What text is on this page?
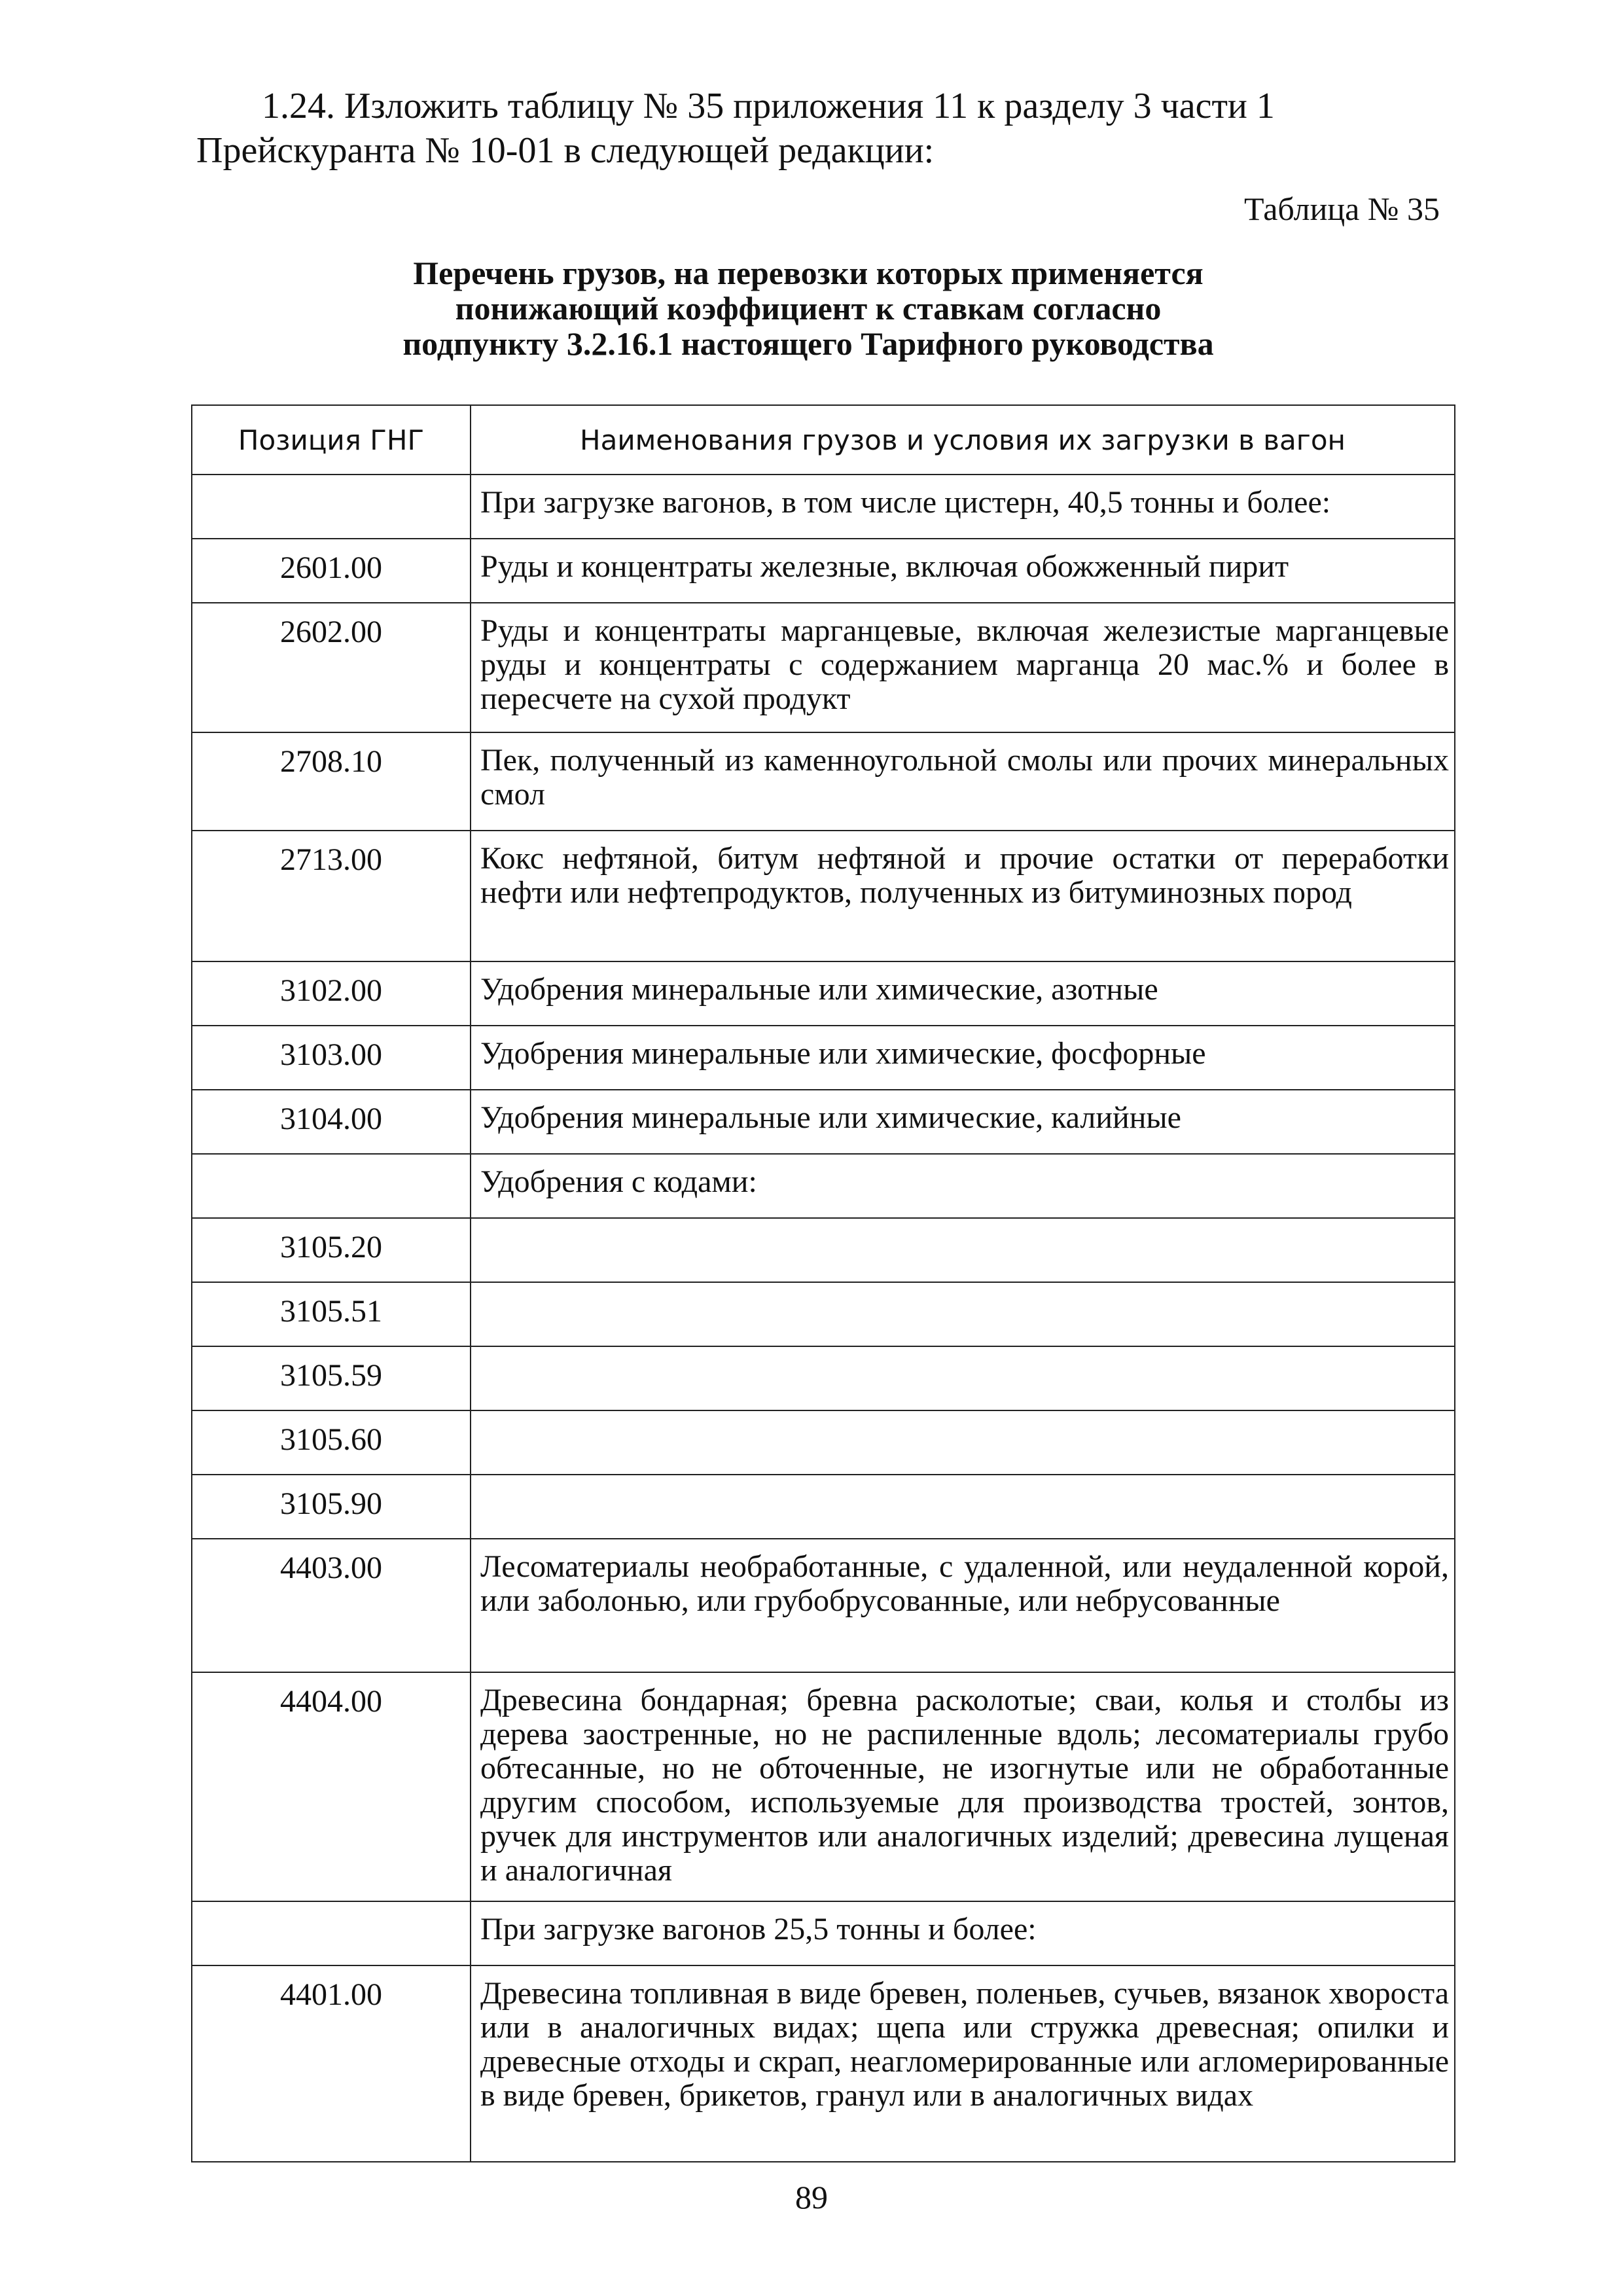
1.24. Изложить таблицу № 35 приложения 11 к разделу 3 части 1

Прейскуранта № 10-01 в следующей редакции:

Таблица № 35
Перечень грузов, на перевозки которых применяется
понижающий коэффициент к ставкам согласно
подпункту 3.2.16.1 настоящего Тарифного руководства
Позиция ГНГ	Наименования грузов и условия их загрузки в вагон
	При загрузке вагонов, в том числе цистерн, 40,5 тонны и более:
2601.00	Руды и концентраты железные, включая обожженный пирит
2602.00	Руды и концентраты марганцевые, включая железистые марганцевые руды и концентраты с содержанием марганца 20 мас.% и более в пересчете на сухой продукт
2708.10	Пек, полученный из каменноугольной смолы или прочих минеральных смол
2713.00	Кокс нефтяной, битум нефтяной и прочие остатки от переработки нефти или нефтепродуктов, полученных из битуминозных пород
3102.00	Удобрения минеральные или химические, азотные
3103.00	Удобрения минеральные или химические, фосфорные
3104.00	Удобрения минеральные или химические, калийные
	Удобрения с кодами:
3105.20	
3105.51	
3105.59	
3105.60	
3105.90	
4403.00	Лесоматериалы необработанные, с удаленной, или неудаленной корой, или заболонью, или грубобрусованные, или небрусованные
4404.00	Древесина бондарная; бревна расколотые; сваи, колья и столбы из дерева заостренные, но не распиленные вдоль; лесоматериалы грубо обтесанные, но не обточенные, не изогнутые или не обработанные другим способом, используемые для производства тростей, зонтов, ручек для инструментов или аналогичных изделий; древесина лущеная и аналогичная
	При загрузке вагонов 25,5 тонны и более:
4401.00	Древесина топливная в виде бревен, поленьев, сучьев, вязанок хвороста или в аналогичных видах; щепа или стружка древесная; опилки и древесные отходы и скрап, неагломерированные или агломерированные в виде бревен, брикетов, гранул или в аналогичных видах
89
